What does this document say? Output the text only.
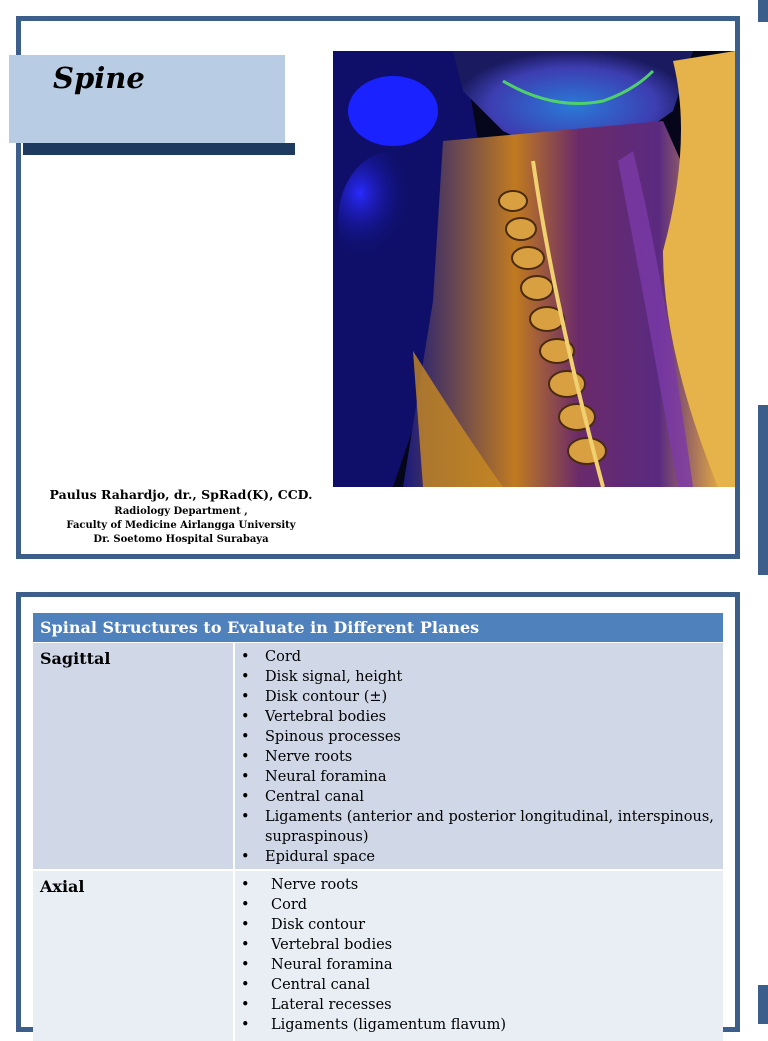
Spine
Paulus Rahardjo, dr., SpRad(K), CCD.
Radiology Department ,
Faculty of Medicine Airlangga University
Dr. Soetomo Hospital Surabaya
Spinal Structures to Evaluate in Different Planes
Sagittal	• Cord
• Disk signal, height
• Disk contour (±)
• Vertebral bodies
• Spinous processes
• Nerve roots
• Neural foramina
• Central canal
• Ligaments (anterior and posterior longitudinal, interspinous, supraspinous)
• Epidural space
Axial	• Nerve roots
• Cord
• Disk contour
• Vertebral bodies
• Neural foramina
• Central canal
• Lateral recesses
• Ligaments (ligamentum flavum)
